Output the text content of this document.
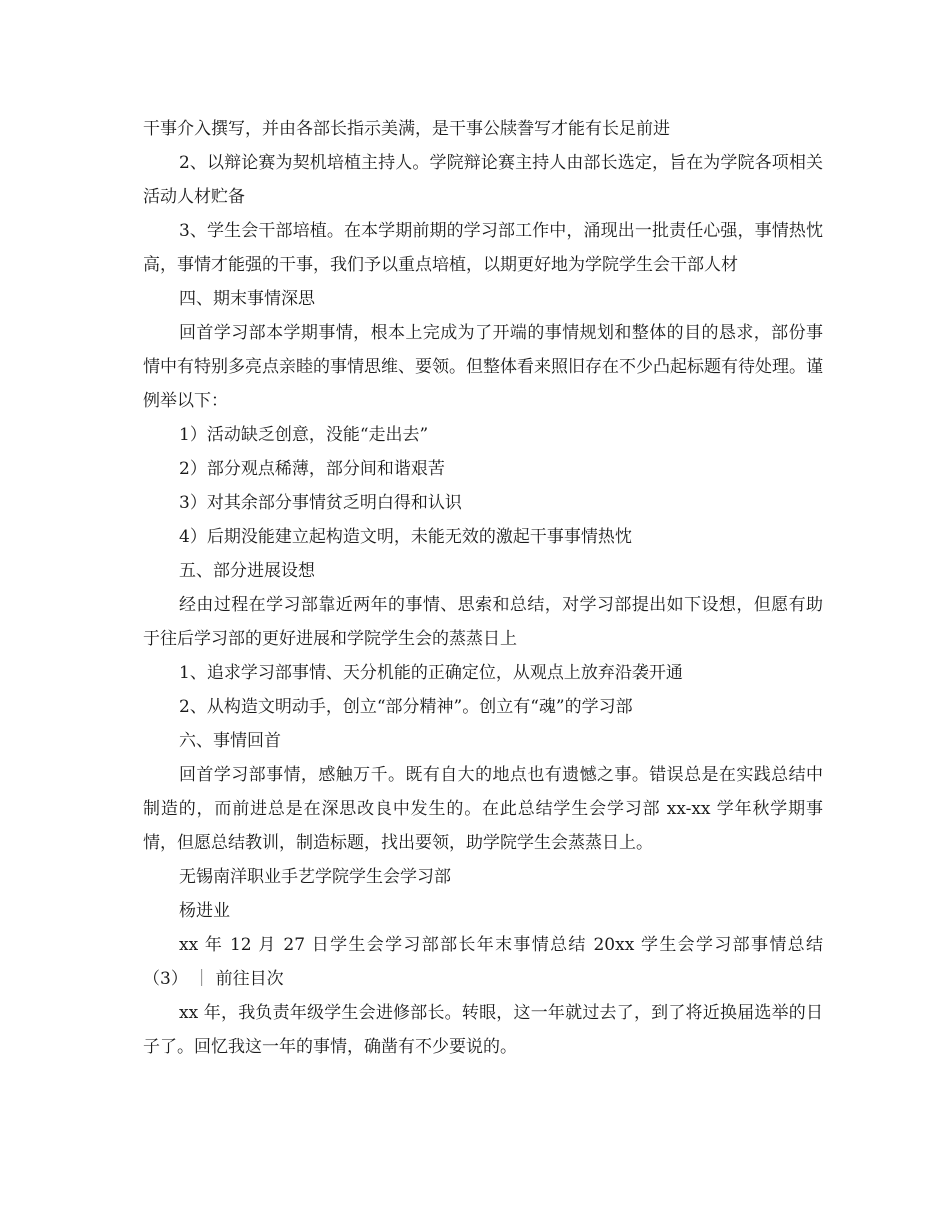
干事介入撰写，并由各部长指示美满，是干事公牍誊写才能有长足前进

2、以辩论赛为契机培植主持人。学院辩论赛主持人由部长选定，旨在为学院各项相关活动人材贮备

3、学生会干部培植。在本学期前期的学习部工作中，涌现出一批责任心强，事情热忱高，事情才能强的干事，我们予以重点培植，以期更好地为学院学生会干部人材

四、期末事情深思

回首学习部本学期事情，根本上完成为了开端的事情规划和整体的目的恳求，部份事情中有特别多亮点亲睦的事情思维、要领。但整体看来照旧存在不少凸起标题有待处理。谨例举以下：

1）活动缺乏创意，没能“走出去”

2）部分观点稀薄，部分间和谐艰苦

3）对其余部分事情贫乏明白得和认识

4）后期没能建立起构造文明，未能无效的激起干事事情热忱

五、部分进展设想

经由过程在学习部靠近两年的事情、思索和总结，对学习部提出如下设想，但愿有助于往后学习部的更好进展和学院学生会的蒸蒸日上

1、追求学习部事情、天分机能的正确定位，从观点上放弃沿袭开通

2、从构造文明动手，创立“部分精神”。创立有“魂”的学习部

六、事情回首

回首学习部事情，感触万千。既有自大的地点也有遗憾之事。错误总是在实践总结中制造的，而前进总是在深思改良中发生的。在此总结学生会学习部 xx-xx 学年秋学期事情，但愿总结教训，制造标题，找出要领，助学院学生会蒸蒸日上。

无锡南洋职业手艺学院学生会学习部

杨进业

xx 年 12 月 27 日学生会学习部部长年末事情总结 20xx 学生会学习部事情总结（3） ｜ 前往目次

xx 年，我负责年级学生会进修部长。转眼，这一年就过去了，到了将近换届选举的日子了。回忆我这一年的事情，确凿有不少要说的。
